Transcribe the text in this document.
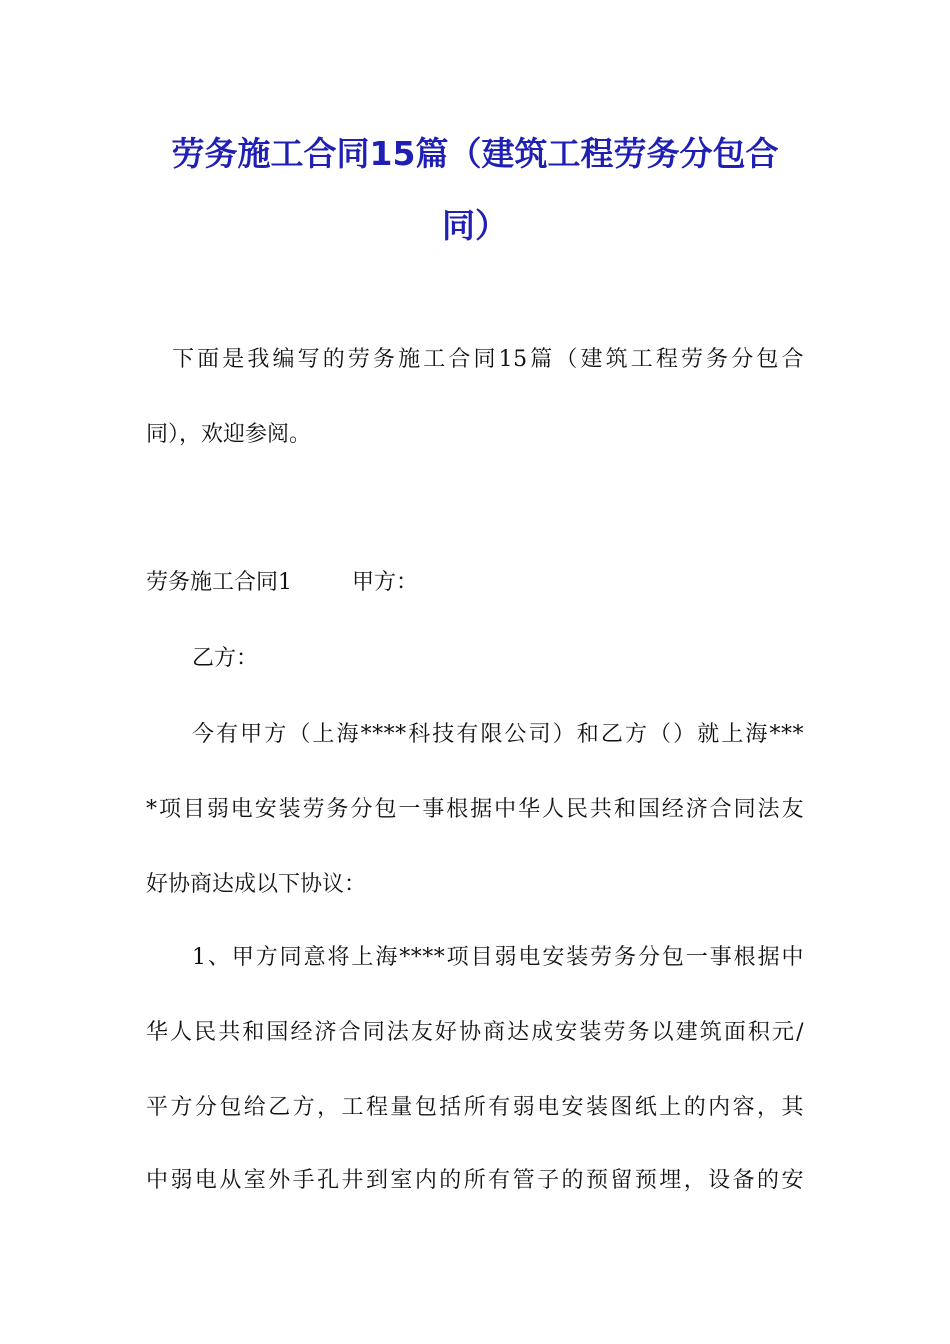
劳务施工合同15篇（建筑工程劳务分包合
同）

下面是我编写的劳务施工合同15篇（建筑工程劳务分包合

同），欢迎参阅。

劳务施工合同1	甲方：

乙方：

今有甲方（上海****科技有限公司）和乙方（）就上海***

*项目弱电安装劳务分包一事根据中华人民共和国经济合同法友

好协商达成以下协议：

1、甲方同意将上海****项目弱电安装劳务分包一事根据中

华人民共和国经济合同法友好协商达成安装劳务以建筑面积元/

平方分包给乙方，工程量包括所有弱电安装图纸上的内容，其

中弱电从室外手孔井到室内的所有管子的预留预埋，设备的安
